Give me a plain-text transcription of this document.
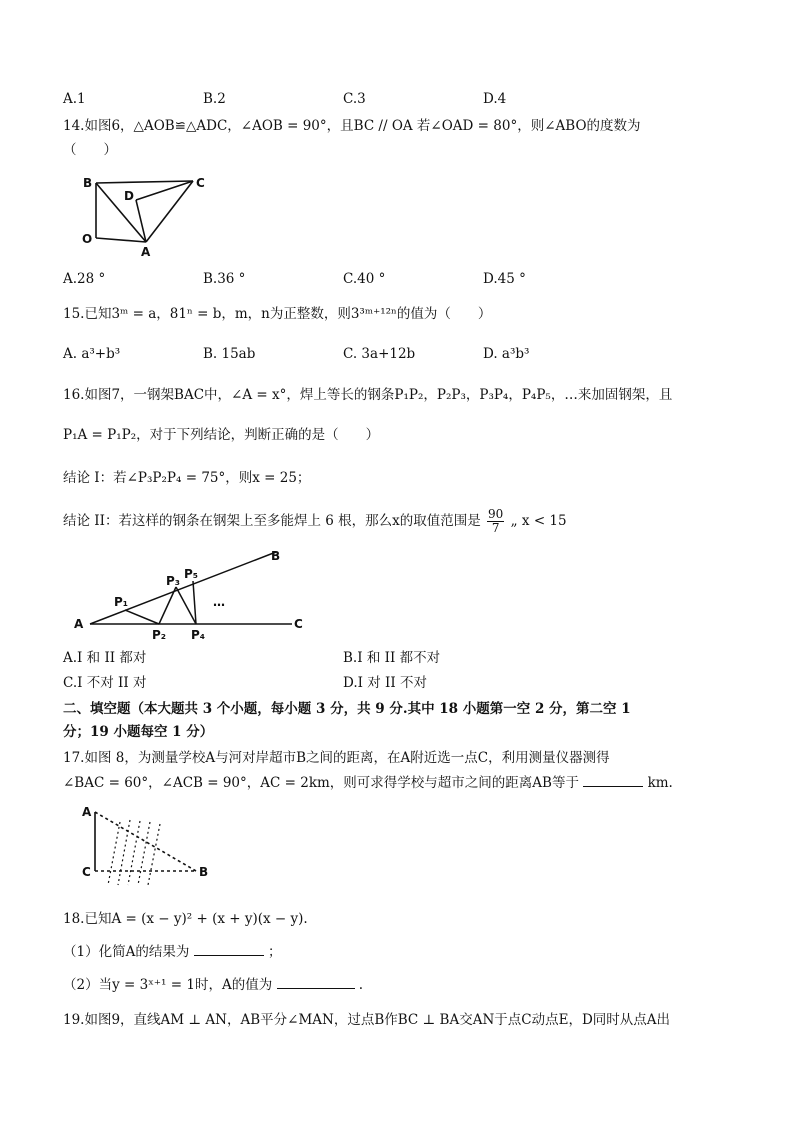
A.1	B.2	C.3	D.4
14.如图6，△AOB≌△ADC，∠AOB = 90°，且BC // OA 若∠OAD = 80°，则∠ABO的度数为
（　　）
B	C
D
O
A
A.28 °	B.36 °	C.40 °	D.45 °
15.已知3ᵐ = a，81ⁿ = b，m，n为正整数，则3³ᵐ⁺¹²ⁿ的值为（　　）
A. a³+b³	B. 15ab	C. 3a+12b	D. a³b³
16.如图7，一钢架BAC中，∠A = x°，焊上等长的钢条P₁P₂，P₂P₃，P₃P₄，P₄P₅，…来加固钢架，且
P₁A = P₁P₂，对于下列结论，判断正确的是（　　）
结论 I：若∠P₃P₂P₄ = 75°，则x = 25；
结论 II：若这样的钢条在钢架上至多能焊上 6 根，那么x的取值范围是 $\frac{90}{7}$ „ x < 15
A
B
C
P₁
P₂
P₃
P₄
P₅
…
A.I 和 II 都对	B.I 和 II 都不对
C.I 不对 II 对	D.I 对 II 不对
二、填空题（本大题共 3 个小题，每小题 3 分，共 9 分.其中 18 小题第一空 2 分，第二空 1
分；19 小题每空 1 分）
17.如图 8，为测量学校A与河对岸超市B之间的距离，在A附近选一点C，利用测量仪器测得
∠BAC = 60°，∠ACB = 90°，AC = 2km，则可求得学校与超市之间的距离AB等于	km.
A
C	B
18.已知A = (x − y)² + (x + y)(x − y).
（1）化简A的结果为	；
（2）当y = 3ˣ⁺¹ = 1时，A的值为	.
19.如图9，直线AM ⊥ AN，AB平分∠MAN，过点B作BC ⊥ BA交AN于点C动点E，D同时从点A出
